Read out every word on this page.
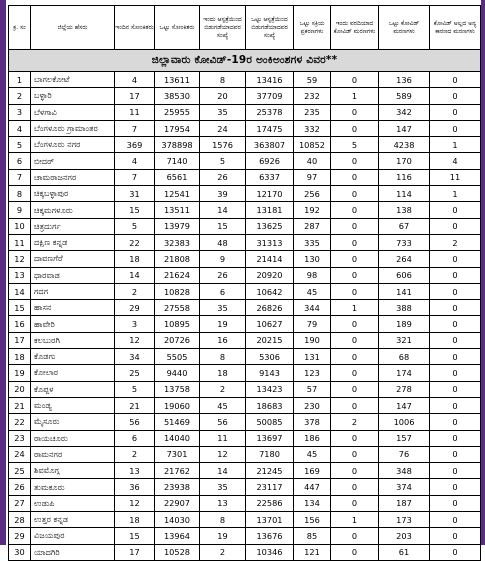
ಜಿಲ್ಲಾವಾರು ಕೋವಿಡ್-19ರ ಅಂಕಿಅಂಶಗಳ ವಿವರ**									
ಕ್ರ. ಸಂ	ಜಿಲ್ಲೆಯ ಹೆಸರು	ಇಂದಿನ ಸೋಂಕಿತರು	ಒಟ್ಟು ಸೋಂಕಿತರು	ಇಂದು ಆಸ್ಪತ್ರೆಯಿಂದ ಬಿಡುಗಡೆಯಾದವರ ಸಂಖ್ಯೆ	ಒಟ್ಟು ಆಸ್ಪತ್ರೆಯಿಂದ ಬಿಡುಗಡೆಯಾದವರ ಸಂಖ್ಯೆ	ಒಟ್ಟು ಸಕ್ರಿಯ ಪ್ರಕರಣಗಳು	ಇಂದು ವರದಿಯಾದ ಕೋವಿಡ್ ಮರಣಗಳು	ಒಟ್ಟು ಕೋವಿಡ್ ಮರಣಗಳು	ಕೋವಿಡ್ ಅಲ್ಲದ ಅನ್ಯ ಕಾರಣದ ಮರಣಗಳು
1	ಬಾಗಲಕೋಟೆ	4	13611	8	13416	59	0	136	0
2	ಬಳ್ಳಾರಿ	17	38530	20	37709	232	1	589	0
3	ಬೆಳಗಾವಿ	11	25955	35	25378	235	0	342	0
4	ಬೆಂಗಳೂರು ಗ್ರಾಮಾಂತರ	7	17954	24	17475	332	0	147	0
5	ಬೆಂಗಳೂರು ನಗರ	369	378898	1576	363807	10852	5	4238	1
6	ಬೀದರ್	4	7140	5	6926	40	0	170	4
7	ಚಾಮರಾಜನಗರ	7	6561	26	6337	97	0	116	11
8	ಚಿಕ್ಕಬಳ್ಳಾಪುರ	31	12541	39	12170	256	0	114	1
9	ಚಿಕ್ಕಮಗಳೂರು	15	13511	14	13181	192	0	138	0
10	ಚಿತ್ರದುರ್ಗ	5	13979	15	13625	287	0	67	0
11	ದಕ್ಷಿಣ ಕನ್ನಡ	22	32383	48	31313	335	0	733	2
12	ದಾವಣಗೆರೆ	18	21808	9	21414	130	0	264	0
13	ಧಾರವಾಡ	14	21624	26	20920	98	0	606	0
14	ಗದಗ	2	10828	6	10642	45	0	141	0
15	ಹಾಸನ	29	27558	35	26826	344	1	388	0
16	ಹಾವೇರಿ	3	10895	19	10627	79	0	189	0
17	ಕಲಬುರಗಿ	12	20726	16	20215	190	0	321	0
18	ಕೊಡಗು	34	5505	8	5306	131	0	68	0
19	ಕೋಲಾರ	25	9440	18	9143	123	0	174	0
20	ಕೊಪ್ಪಳ	5	13758	2	13423	57	0	278	0
21	ಮಂಡ್ಯ	21	19060	45	18683	230	0	147	0
22	ಮೈಸೂರು	56	51469	56	50085	378	2	1006	0
23	ರಾಯಚೂರು	6	14040	11	13697	186	0	157	0
24	ರಾಮನಗರ	2	7301	12	7180	45	0	76	0
25	ಶಿವಮೊಗ್ಗ	13	21762	14	21245	169	0	348	0
26	ತುಮಕೂರು	36	23938	35	23117	447	0	374	0
27	ಉಡುಪಿ	12	22907	13	22586	134	0	187	0
28	ಉತ್ತರ ಕನ್ನಡ	18	14030	8	13701	156	1	173	0
29	ವಿಜಯಪುರ	15	13964	19	13676	85	0	203	0
30	ಯಾದಗಿರಿ	17	10528	2	10346	121	0	61	0
